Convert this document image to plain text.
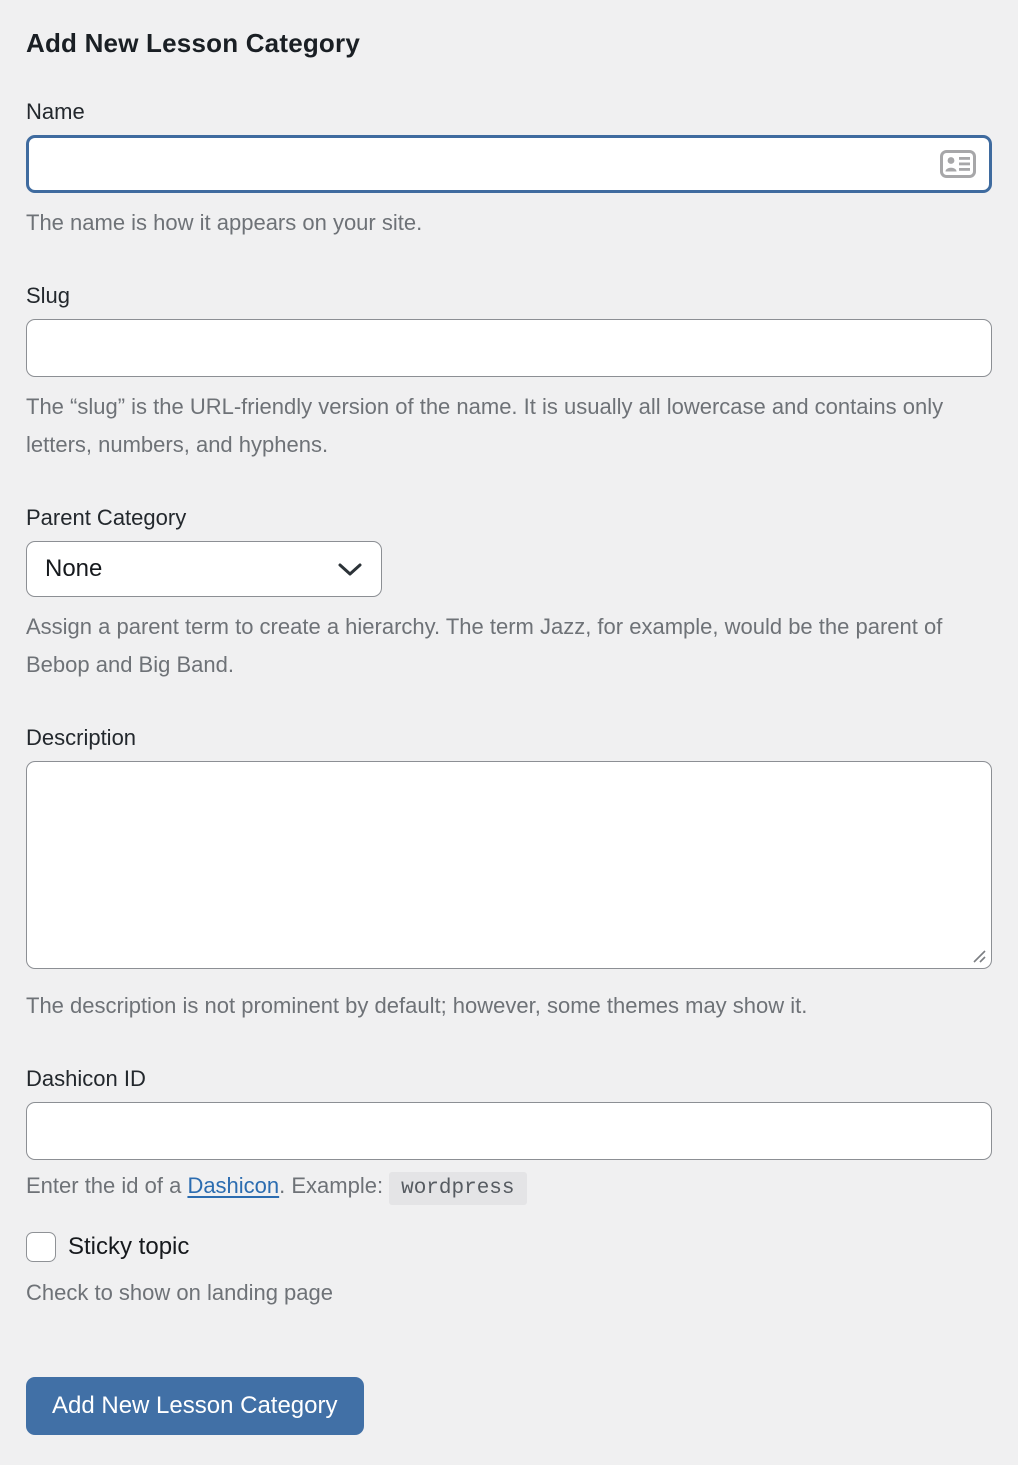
Add New Lesson Category
Name

The name is how it appears on your site.

Slug

The “slug” is the URL-friendly version of the name. It is usually all lowercase and contains only letters, numbers, and hyphens.

Parent Category
None

Assign a parent term to create a hierarchy. The term Jazz, for example, would be the parent of Bebop and Big Band.

Description

The description is not prominent by default; however, some themes may show it.

Dashicon ID

Enter the id of a Dashicon. Example: wordpress

Sticky topic
Check to show on landing page
Add New Lesson Category
